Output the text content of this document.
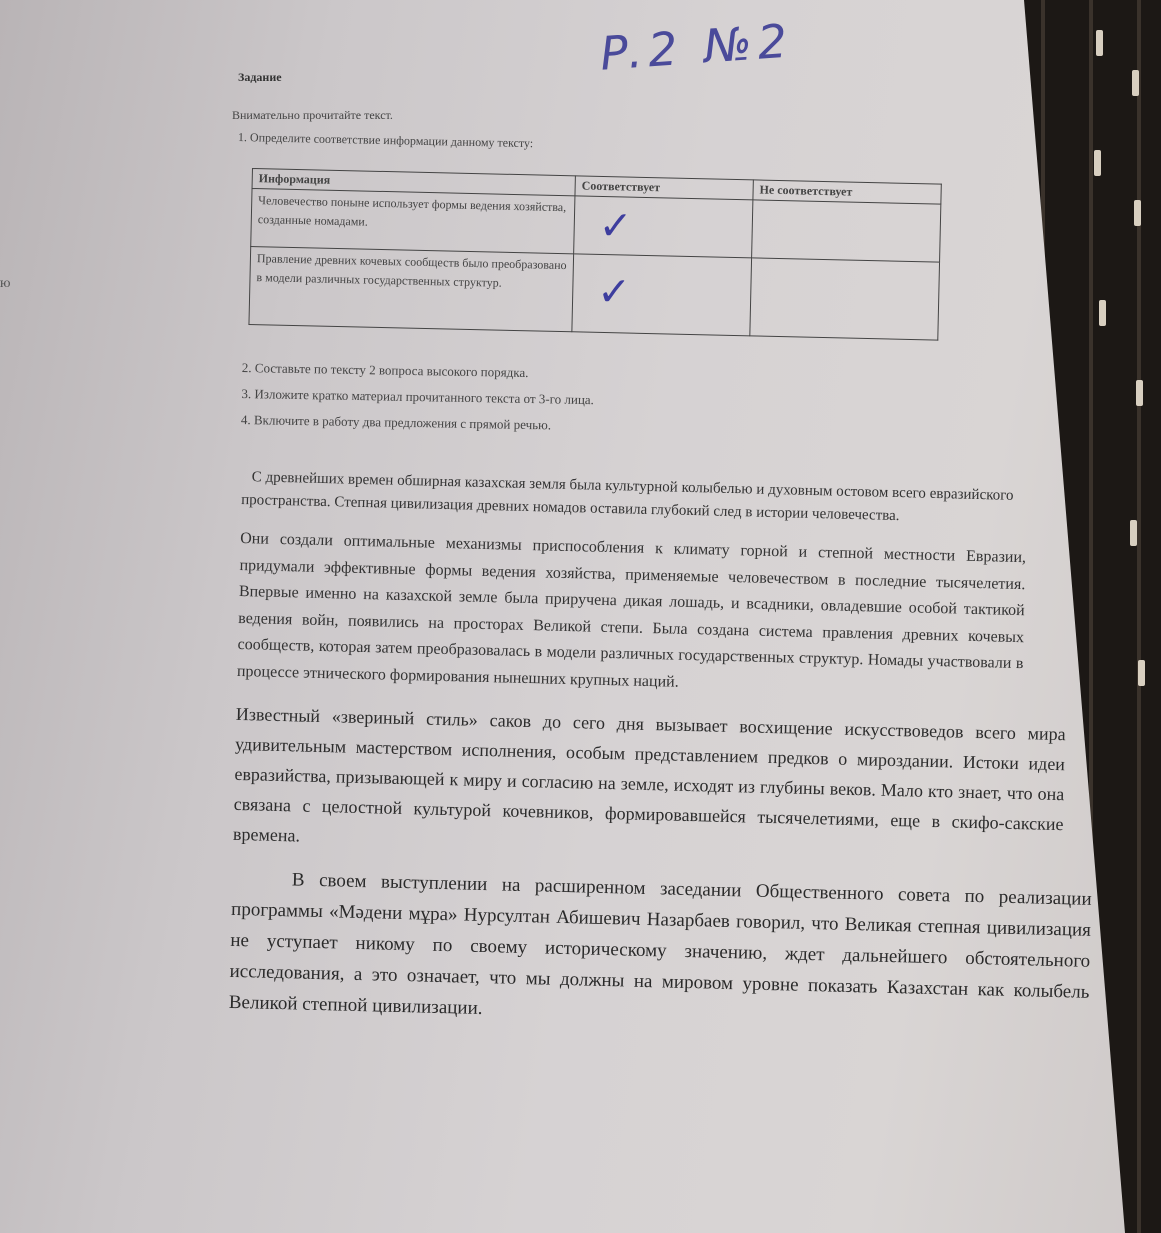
P.2 №2
ю
Задание
Внимательно прочитайте текст.
1. Определите соответствие информации данному тексту:
Информация	Соответствует	Не соответствует
Человечество поныне использует формы ведения хозяйства, созданные номадами.	✓	

Правление древних кочевых сообществ было преобразовано в модели различных государственных структур.	✓	

2. Составьте по тексту 2 вопроса высокого порядка.
3. Изложите кратко материал прочитанного текста от 3-го лица.
4. Включите в работу два предложения с прямой речью.

С древнейших времен обширная казахская земля была культурной колыбелью и духовным остовом всего евразийского пространства. Степная цивилизация древних номадов оставила глубокий след в истории человечества.

Они создали оптимальные механизмы приспособления к климату горной и степной местности Евразии, придумали эффективные формы ведения хозяйства, применяемые человечеством в последние тысячелетия. Впервые именно на казахской земле была приручена дикая лошадь, и всадники, овладевшие особой тактикой ведения войн, появились на просторах Великой степи. Была создана система правления древних кочевых сообществ, которая затем преобразовалась в модели различных государственных структур. Номады участвовали в процессе этнического формирования нынешних крупных наций.

Известный «звериный стиль» саков до сего дня вызывает восхищение искусствоведов всего мира удивительным мастерством исполнения, особым представлением предков о мироздании. Истоки идеи евразийства, призывающей к миру и согласию на земле, исходят из глубины веков. Мало кто знает, что она связана с целостной культурой кочевников, формировавшейся тысячелетиями, еще в скифо-сакские времена.

В своем выступлении на расширенном заседании Общественного совета по реализации программы «Мәдени мұра» Нурсултан Абишевич Назарбаев говорил, что Великая степная цивилизация не уступает никому по своему историческому значению, ждет дальнейшего обстоятельного исследования, а это означает, что мы должны на мировом уровне показать Казахстан как колыбель Великой степной цивилизации.
